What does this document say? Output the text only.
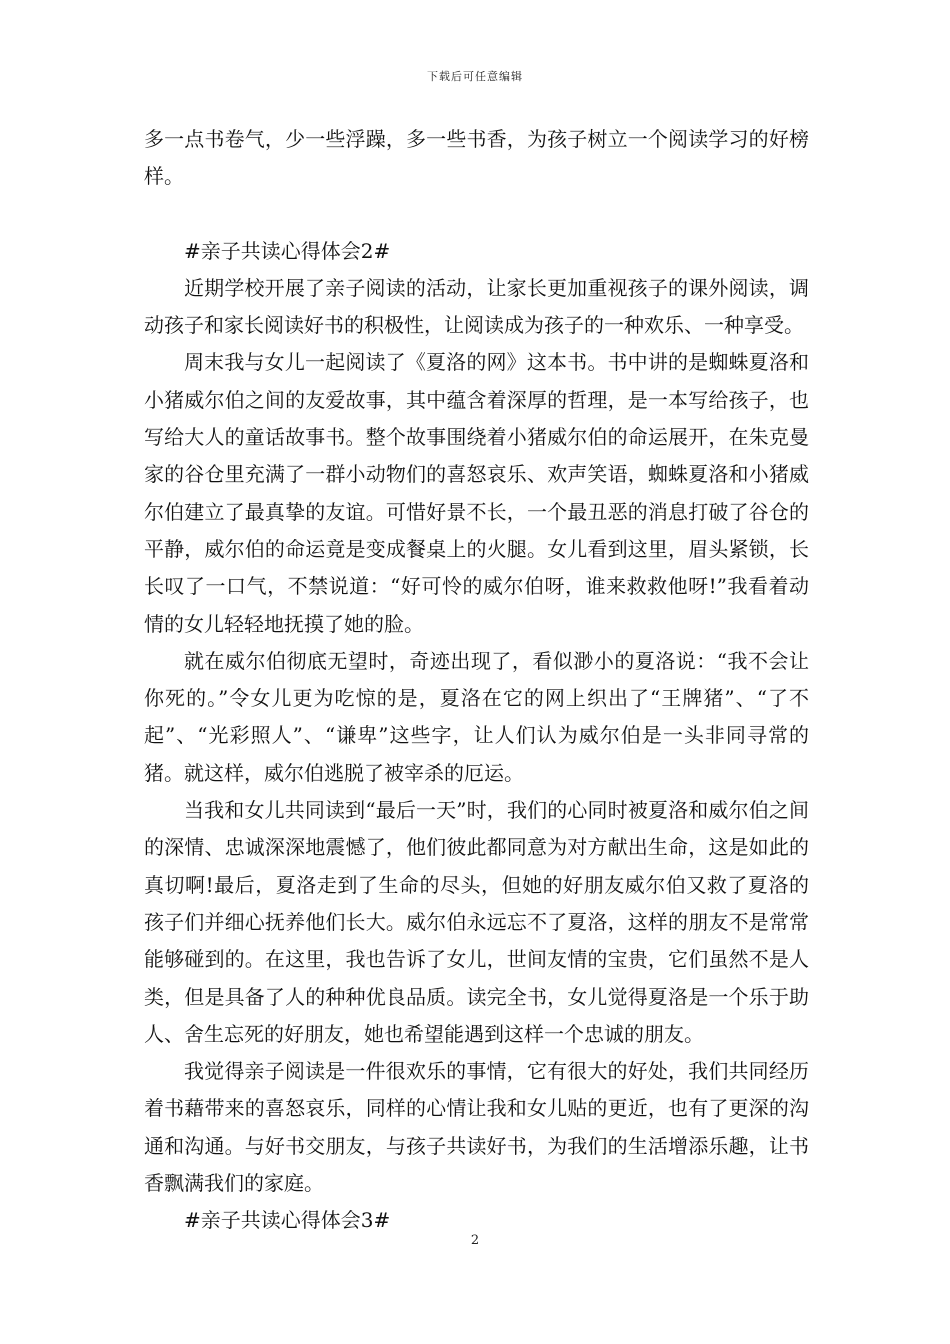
下载后可任意编辑

多一点书卷气，少一些浮躁，多一些书香，为孩子树立一个阅读学习的好榜样。

#亲子共读心得体会2#

近期学校开展了亲子阅读的活动，让家长更加重视孩子的课外阅读，调动孩子和家长阅读好书的积极性，让阅读成为孩子的一种欢乐、一种享受。

周末我与女儿一起阅读了《夏洛的网》这本书。书中讲的是蜘蛛夏洛和小猪威尔伯之间的友爱故事，其中蕴含着深厚的哲理，是一本写给孩子，也写给大人的童话故事书。整个故事围绕着小猪威尔伯的命运展开，在朱克曼家的谷仓里充满了一群小动物们的喜怒哀乐、欢声笑语，蜘蛛夏洛和小猪威尔伯建立了最真挚的友谊。可惜好景不长，一个最丑恶的消息打破了谷仓的平静，威尔伯的命运竟是变成餐桌上的火腿。女儿看到这里，眉头紧锁，长长叹了一口气，不禁说道：“好可怜的威尔伯呀，谁来救救他呀!”我看着动情的女儿轻轻地抚摸了她的脸。

就在威尔伯彻底无望时，奇迹出现了，看似渺小的夏洛说：“我不会让你死的。”令女儿更为吃惊的是，夏洛在它的网上织出了“王牌猪”、“了不起”、“光彩照人”、“谦卑”这些字，让人们认为威尔伯是一头非同寻常的猪。就这样，威尔伯逃脱了被宰杀的厄运。

当我和女儿共同读到“最后一天”时，我们的心同时被夏洛和威尔伯之间的深情、忠诚深深地震憾了，他们彼此都同意为对方献出生命，这是如此的真切啊!最后，夏洛走到了生命的尽头，但她的好朋友威尔伯又救了夏洛的孩子们并细心抚养他们长大。威尔伯永远忘不了夏洛，这样的朋友不是常常能够碰到的。在这里，我也告诉了女儿，世间友情的宝贵，它们虽然不是人类，但是具备了人的种种优良品质。读完全书，女儿觉得夏洛是一个乐于助人、舍生忘死的好朋友，她也希望能遇到这样一个忠诚的朋友。

我觉得亲子阅读是一件很欢乐的事情，它有很大的好处，我们共同经历着书藉带来的喜怒哀乐，同样的心情让我和女儿贴的更近，也有了更深的沟通和沟通。与好书交朋友，与孩子共读好书，为我们的生活增添乐趣，让书香飘满我们的家庭。

#亲子共读心得体会3#

2
